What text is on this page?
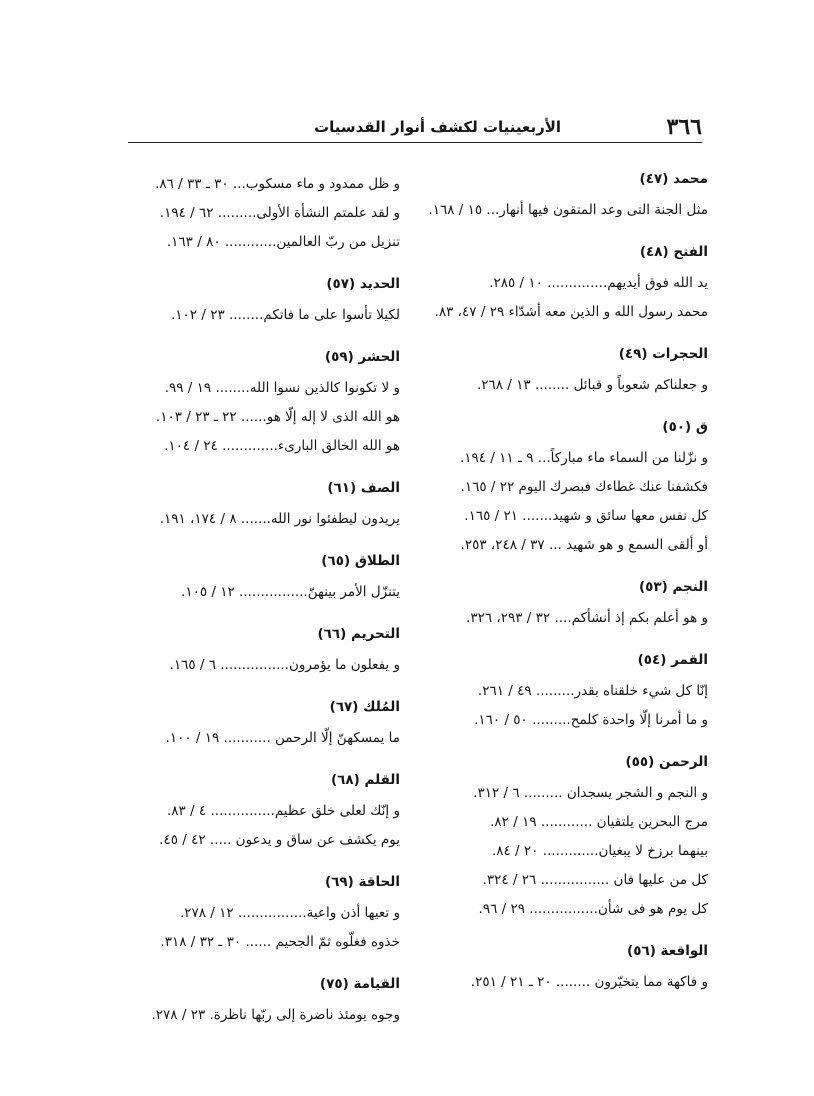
٣٦٦
الأربعينيات لكشف أنوار القدسيات
محمد (٤٧)
مثل الجنة التى وعد المتقون فيها أنهار... ١٥ / ١٦٨.
الفتح (٤٨)
يد الله فوق أيديهم.............. ١٠ / ٢٨٥.
محمد رسول الله و الذين معه أشدّاء ٢٩ / ٤٧، ٨٣.
الحجرات (٤٩)
و جعلناكم شعوباً و قبائل ........ ١٣ / ٢٦٨.
ق (٥٠)
و نزّلنا من السماء ماء مباركاً... ٩ ـ ١١ / ١٩٤.
فكشفنا عنك غطاءك فبصرك اليوم ٢٢ / ١٦٥.
كل نفس معها سائق و شهيد....... ٢١ / ١٦٥.
أو ألقى السمع و هو شهيد ... ٣٧ / ٢٤٨، ٢٥٣.
النجم (٥٣)
و هو أعلم بكم إذ أنشأكم.... ٣٢ / ٢٩٣، ٣٢٦.
القمر (٥٤)
إنّا كل شيء خلقناه بقدر......... ٤٩ / ٢٦١.
و ما أمرنا إلّا واحدة كلمح......... ٥٠ / ١٦٠.
الرحمن (٥٥)
و النجم و الشجر يسجدان ......... ٦ / ٣١٢.
مرج البحرين يلتقيان ............ ١٩ / ٨٢.
بينهما برزخ لا يبغيان............. ٢٠ / ٨٤.
كل من عليها فان ................ ٢٦ / ٣٢٤.
كل يوم هو فى شأن................ ٢٩ / ٩٦.
الواقعة (٥٦)
و فاكهة مما يتخيّرون ........ ٢٠ ـ ٢١ / ٢٥١.
و ظل ممدود و ماء مسكوب... ٣٠ ـ ٣٣ / ٨٦.
و لقد علمتم النشأة الأولى......... ٦٢ / ١٩٤.
تنزيل من ربّ العالمين............ ٨٠ / ١٦٣.
الحديد (٥٧)
لكيلا تأسوا على ما فاتكم........ ٢٣ / ١٠٢.
الحشر (٥٩)
و لا تكونوا كالذين نسوا الله........ ١٩ / ٩٩.
هو الله الذى لا إله إلّا هو...... ٢٢ ـ ٢٣ / ١٠٣.
هو الله الخالق البارىء............. ٢٤ / ١٠٤.
الصف (٦١)
يريدون ليطفئوا نور الله....... ٨ / ١٧٤، ١٩١.
الطلاق (٦٥)
يتنزّل الأمر بينهنّ................ ١٢ / ١٠٥.
التحريم (٦٦)
و يفعلون ما يؤمرون................ ٦ / ١٦٥.
المُلك (٦٧)
ما يمسكهنّ إلّا الرحمن ........... ١٩ / ١٠٠.
القلم (٦٨)
و إنّك لعلى خلق عظيم............... ٤ / ٨٣.
يوم يكشف عن ساق و يدعون ..... ٤٢ / ٤٥.
الحاقة (٦٩)
و تعيها أذن واعية................ ١٢ / ٢٧٨.
خذوه فغلّوه ثمّ الجحيم ...... ٣٠ ـ ٣٢ / ٣١٨.
القيامة (٧٥)
وجوه يومئذ ناضرة إلى ربّها ناظرة. ٢٣ / ٢٧٨.
